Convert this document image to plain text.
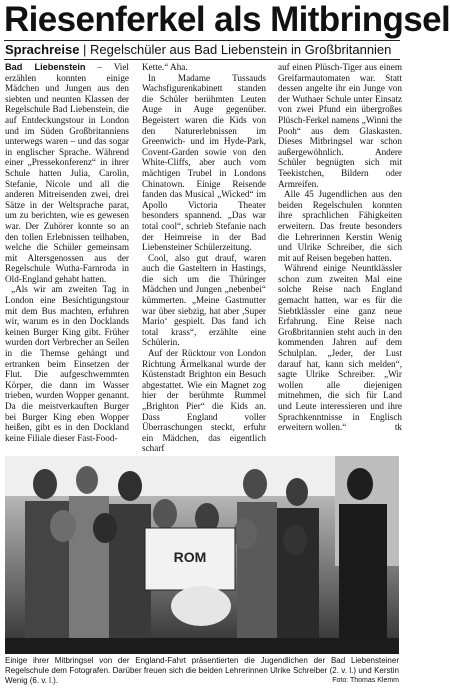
Riesenferkel als Mitbringsel
Sprachreise | Regelschüler aus Bad Liebenstein in Großbritannien

Bad Liebenstein – Viel erzählen konnten einige Mädchen und Jungen aus den siebten und neunten Klassen der Regelschule Bad Liebenstein, die auf Entdeckungstour in London und im Süden Großbritanniens unterwegs waren – und das sogar in englischer Sprache. Während einer „Pressekonferenz“ in ihrer Schule hatten Julia, Carolin, Stefanie, Nicole und all die anderen Mitreisenden zwei, drei Sätze in der Weltsprache parat, um zu berichten, wie es gewesen war. Der Zuhörer konnte so an den tollen Erlebnissen teilhaben, welche die Schüler gemeinsam mit Altersgenossen aus der Regelschule Wutha-Farnroda in Old-England gehabt hatten.

„Als wir am zweiten Tag in London eine Besichtigungstour mit dem Bus machten, erfuhren wir, warum es in den Docklands keinen Burger King gibt. Früher wurden dort Verbrecher an Seilen in die Themse gehängt und ertranken beim Einsetzen der Flut. Die aufgeschwemmten Körper, die dann im Wasser trieben, wurden Wopper genannt. Da die meistverkauften Burger bei Burger King eben Wopper heißen, gibt es in den Dockland keine Filiale dieser Fast-Food-

Kette.“ Aha.

In Madame Tussauds Wachsfigurenkabinett standen die Schüler berühmten Leuten Auge in Auge gegenüber. Begeistert waren die Kids von den Naturerlebnissen im Greenwich- und im Hyde-Park, Covent-Garden sowie von den White-Cliffs, aber auch vom mächtigen Trubel in Londons Chinatown. Einige Reisende fanden das Musical „Wicked“ im Apollo Victoria Theater besonders spannend. „Das war total cool“, schrieb Stefanie nach der Heimreise in der Bad Liebensteiner Schülerzeitung.

Cool, also gut drauf, waren auch die Gasteltern in Hastings, die sich um die Thüringer Mädchen und Jungen „nebenbei“ kümmerten. „Meine Gastmutter war über siebzig, hat aber ,Super Mario‘ gespielt. Das fand ich total krass“, erzählte eine Schülerin.

Auf der Rücktour von London Richtung Ärmelkanal wurde der Küstenstadt Brighton ein Besuch abgestattet. Wie ein Magnet zog hier der berühmte Rummel „Brighton Pier“ die Kids an. Dass England voller Überraschungen steckt, erfuhr ein Mädchen, das eigentlich scharf

auf einen Plüsch-Tiger aus einem Greifarmautomaten war. Statt dessen angelte ihr ein Junge von der Wuthaer Schule unter Einsatz von zwei Pfund ein übergroßes Plüsch-Ferkel namens „Winni the Pooh“ aus dem Glaskasten. Dieses Mitbringsel war schon außergewöhnlich. Andere Schüler begnügten sich mit Teekistchen, Bildern oder Armreifen.

Alle 45 Jugendlichen aus den beiden Regelschulen konnten ihre sprachlichen Fähigkeiten erweitern. Das freute besonders die Lehrerinnen Kerstin Wenig und Ulrike Schreiber, die sich mit auf Reisen begeben hatten.

Während einige Neuntklässler schon zum zweiten Mal eine solche Reise nach England gemacht hatten, war es für die Siebtklässler eine ganz neue Erfahrung. Eine Reise nach Großbritannien steht auch in den kommenden Jahren auf dem Schulplan. „Jeder, der Lust darauf hat, kann sich melden“, sagte Ulrike Schreiber. „Wir wollen alle diejenigen mitnehmen, die sich für Land und Leute interessieren und ihre Sprachkenntnisse in Englisch erweitern wollen.“	tk

ROM
Einige ihrer Mitbringsel von der England-Fahrt präsentierten die Jugendlichen der Bad Liebensteiner Regelschule dem Fotografen. Darüber freuen sich die beiden Lehrerinnen Ulrike Schreiber (2. v. l.) und Kerstin Wenig (6. v. l.).	Foto: Thomas Klemm
